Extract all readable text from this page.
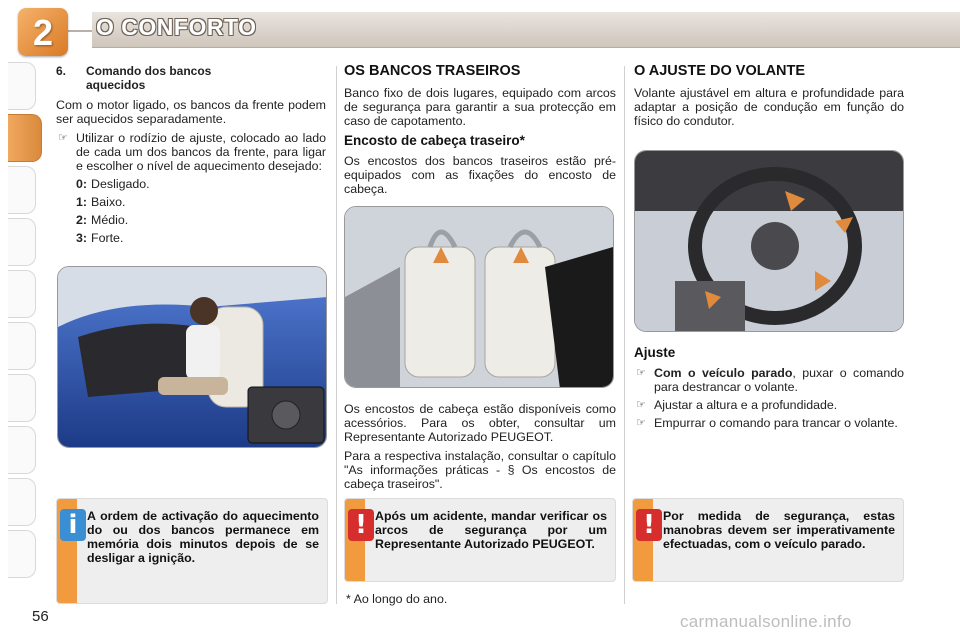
2	O CONFORTO
6.	Comando dos bancos aquecidos

Com o motor ligado, os bancos da frente podem ser aquecidos separadamente.

☞ Utilizar o rodízio de ajuste, colocado ao lado de cada um dos bancos da frente, para ligar e escolher o nível de aquecimento desejado:
0: Desligado.
1: Baixo.
2: Médio.
3: Forte.
OS BANCOS TRASEIROS

Banco fixo de dois lugares, equipado com arcos de segurança para garantir a sua protecção em caso de capotamento.

Encosto de cabeça traseiro*

Os encostos dos bancos traseiros estão pré-equipados com as fixações do encosto de cabeça.

Os encostos de cabeça estão disponíveis como acessórios. Para os obter, consultar um Representante Autorizado PEUGEOT.

Para a respectiva instalação, consultar o capítulo "As informações práticas - § Os encostos de cabeça traseiros".

O AJUSTE DO VOLANTE

Volante ajustável em altura e profundidade para adaptar a posição de condução em função do físico do condutor.

Ajuste
☞ Com o veículo parado, puxar o comando para destrancar o volante.
☞ Ajustar a altura e a profundidade.
☞ Empurrar o comando para trancar o volante.
i A ordem de activação do aquecimento do ou dos bancos permanece em memória dois minutos depois de se desligar a ignição.
! Após um acidente, mandar verificar os arcos de segurança por um Representante Autorizado PEUGEOT.
! Por medida de segurança, estas manobras devem ser imperativamente efectuadas, com o veículo parado.
* Ao longo do ano.
56	carmanualsonline.info
